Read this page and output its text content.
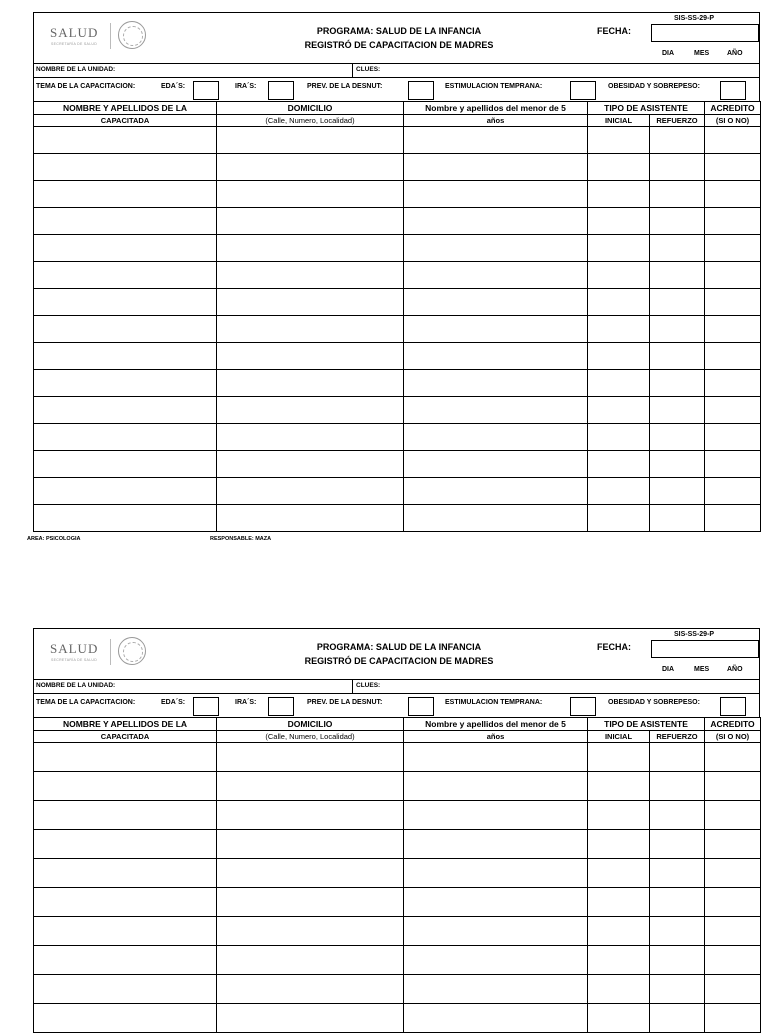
SALUD
SECRETARÍA DE SALUD
PROGRAMA: SALUD DE LA INFANCIA
REGISTRÓ DE CAPACITACION DE MADRES
FECHA:
SIS-SS-29-P
DIA	MES	AÑO
NOMBRE DE LA UNIDAD:	CLUES:
TEMA DE LA CAPACITACION:	EDA´S:	IRA´S:	PREV. DE LA DESNUT:	ESTIMULACION TEMPRANA:	OBESIDAD Y SOBREPESO:
NOMBRE Y APELLIDOS DE LA	DOMICILIO	Nombre y apellidos del menor de 5	TIPO DE ASISTENTE		ACREDITO
CAPACITADA	(Calle, Numero, Localidad)	años	INICIAL	REFUERZO	(SI O NO)

AREA: PSICOLOGIA	RESPONSABLE: MAZA
SALUD
SECRETARÍA DE SALUD
PROGRAMA: SALUD DE LA INFANCIA
REGISTRÓ DE CAPACITACION DE MADRES
FECHA:
SIS-SS-29-P
DIA	MES	AÑO
NOMBRE DE LA UNIDAD:	CLUES:
TEMA DE LA CAPACITACION:	EDA´S:	IRA´S:	PREV. DE LA DESNUT:	ESTIMULACION TEMPRANA:	OBESIDAD Y SOBREPESO:
NOMBRE Y APELLIDOS DE LA	DOMICILIO	Nombre y apellidos del menor de 5	TIPO DE ASISTENTE		ACREDITO
CAPACITADA	(Calle, Numero, Localidad)	años	INICIAL	REFUERZO	(SI O NO)
